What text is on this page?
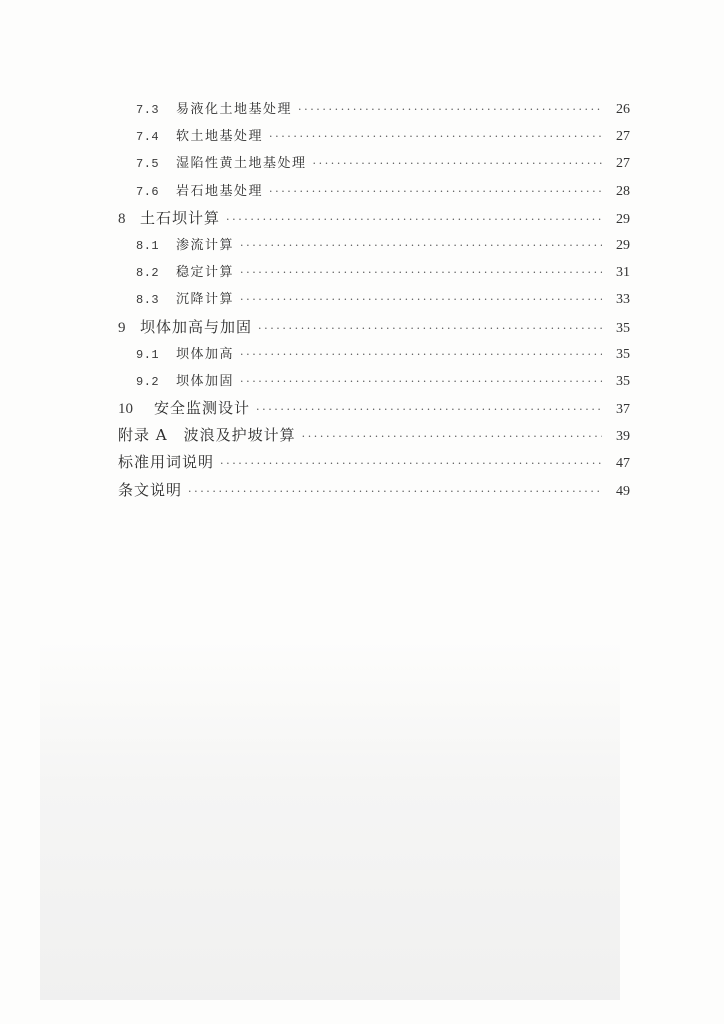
7.3	易液化土地基处理 ·····	26
7.4	软土地基处理 ·····	27
7.5	湿陷性黄土地基处理 ·····	27
7.6	岩石地基处理 ·····	28
8 土石坝计算 ·····	29
8.1	渗流计算 ·····	29
8.2	稳定计算 ·····	31
8.3	沉降计算 ·····	33
9 坝体加高与加固 ·····	35
9.1	坝体加高 ·····	35
9.2	坝体加固 ·····	35
10	安全监测设计 ·····	37
附录 A　波浪及护坡计算 ·····	39
标准用词说明 ·····	47
条文说明 ·····	49
